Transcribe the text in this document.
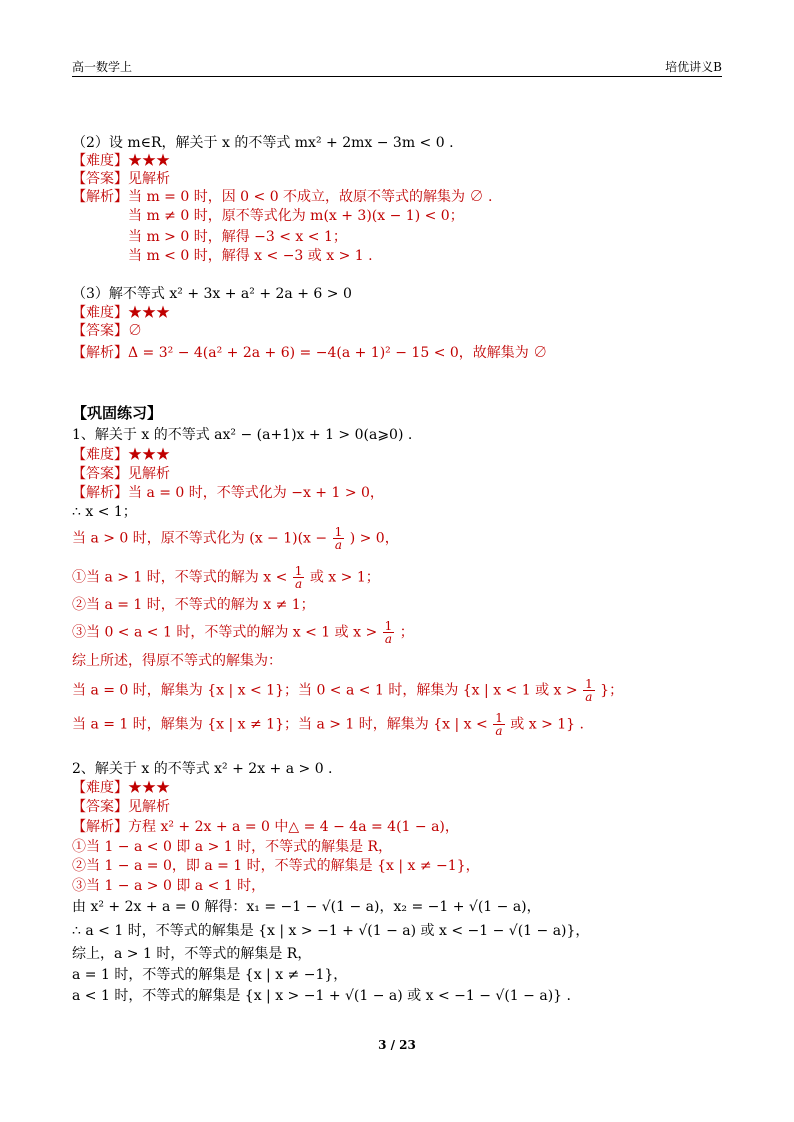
高一数学上	培优讲义B
（2）设 m∈R，解关于 x 的不等式 mx² + 2mx − 3m < 0 .
【难度】★★★
【答案】见解析
【解析】当 m = 0 时，因 0 < 0 不成立，故原不等式的解集为 ∅ .
当 m ≠ 0 时，原不等式化为 m(x + 3)(x − 1) < 0；
当 m > 0 时，解得 −3 < x < 1；
当 m < 0 时，解得 x < −3 或 x > 1 .
（3）解不等式 x² + 3x + a² + 2a + 6 > 0
【难度】★★★
【答案】∅
【解析】Δ = 3² − 4(a² + 2a + 6) = −4(a + 1)² − 15 < 0，故解集为 ∅
【巩固练习】
1、解关于 x 的不等式 ax² − (a+1)x + 1 > 0(a⩾0) .
【难度】★★★
【答案】见解析
【解析】当 a = 0 时，不等式化为 −x + 1 > 0，
∴ x < 1；
当 a > 0 时，原不等式化为 $(x - 1)(x - \frac{1}{a}$ ) > 0，
①当 a > 1 时，不等式的解为 $x < \frac{1}{a}$ 或 x > 1；
②当 a = 1 时，不等式的解为 x ≠ 1；
③当 0 < a < 1 时，不等式的解为 x < 1 或 $x > \frac{1}{a}$ ；
综上所述，得原不等式的解集为：
当 a = 0 时，解集为 {x | x < 1}；当 0 < a < 1 时，解集为 {x | x < 1 或 $x > \frac{1}{a}$ }；
当 a = 1 时，解集为 {x | x ≠ 1}；当 a > 1 时，解集为 {x | $x < \frac{1}{a}$ 或 x > 1} .
2、解关于 x 的不等式 x² + 2x + a > 0 .
【难度】★★★
【答案】见解析
【解析】方程 x² + 2x + a = 0 中△ = 4 − 4a = 4(1 − a)，
①当 1 − a < 0 即 a > 1 时，不等式的解集是 R，
②当 1 − a = 0，即 a = 1 时，不等式的解集是 {x | x ≠ −1}，
③当 1 − a > 0 即 a < 1 时，
由 x² + 2x + a = 0 解得：x₁ = −1 − √(1 − a)，x₂ = −1 + √(1 − a)，
∴ a < 1 时，不等式的解集是 {x | x > −1 + √(1 − a) 或 x < −1 − √(1 − a)}，
综上，a > 1 时，不等式的解集是 R，
a = 1 时，不等式的解集是 {x | x ≠ −1}，
a < 1 时，不等式的解集是 {x | x > −1 + √(1 − a) 或 x < −1 − √(1 − a)} .
3 / 23
